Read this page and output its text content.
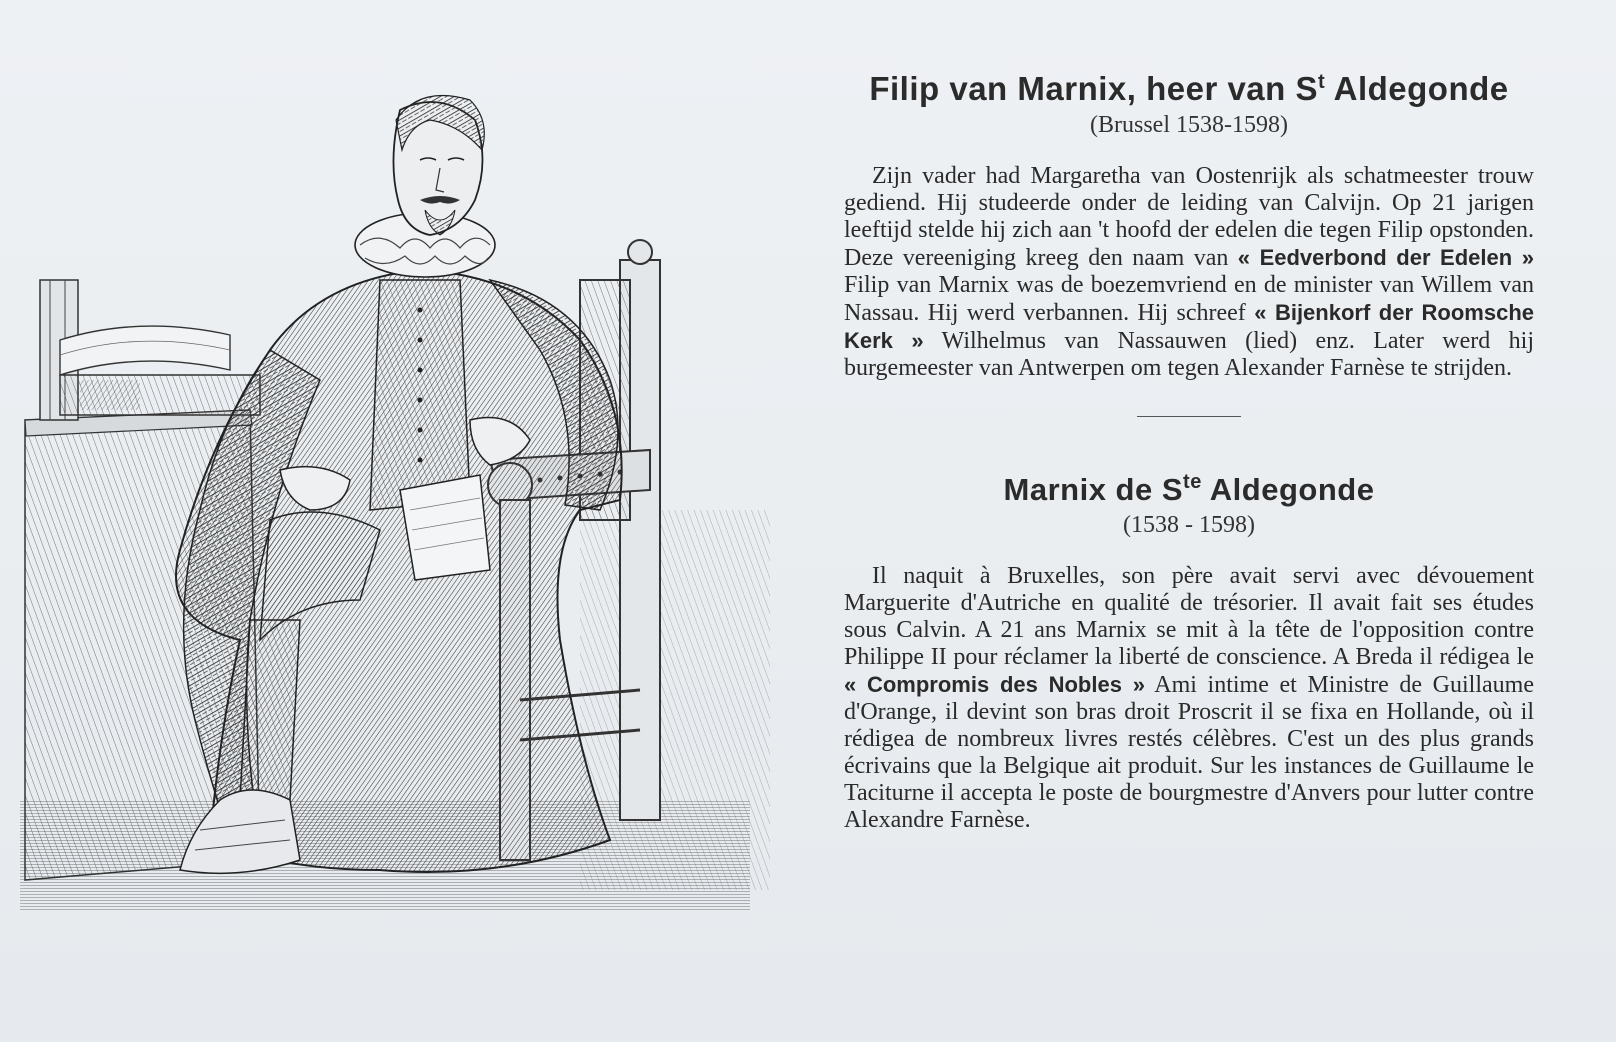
Filip van Marnix, heer van $S^t$ Aldegonde
(Brussel 1538-1598)

Zijn vader had Margaretha van Oostenrijk als schatmeester trouw gediend. Hij studeerde onder de leiding van Calvijn. Op 21 jarigen leeftijd stelde hij zich aan 't hoofd der edelen die tegen Filip opstonden. Deze vereeniging kreeg den naam van « Eedverbond der Edelen » Filip van Marnix was de boezemvriend en de minister van Willem van Nassau. Hij werd verbannen. Hij schreef « Bijenkorf der Roomsche Kerk » Wilhelmus van Nassauwen (lied) enz. Later werd hij burgemeester van Antwerpen om tegen Alexander Farnèse te strijden.

Marnix de $S^{te}$ Aldegonde
(1538 - 1598)

Il naquit à Bruxelles, son père avait servi avec dévouement Marguerite d'Autriche en qualité de trésorier. Il avait fait ses études sous Calvin. A 21 ans Marnix se mit à la tête de l'opposition contre Philippe II pour réclamer la liberté de conscience. A Breda il rédigea le « Compromis des Nobles » Ami intime et Ministre de Guillaume d'Orange, il devint son bras droit Proscrit il se fixa en Hollande, où il rédigea de nombreux livres restés célèbres. C'est un des plus grands écrivains que la Belgique ait produit. Sur les instances de Guillaume le Taciturne il accepta le poste de bourgmestre d'Anvers pour lutter contre Alexandre Farnèse.
